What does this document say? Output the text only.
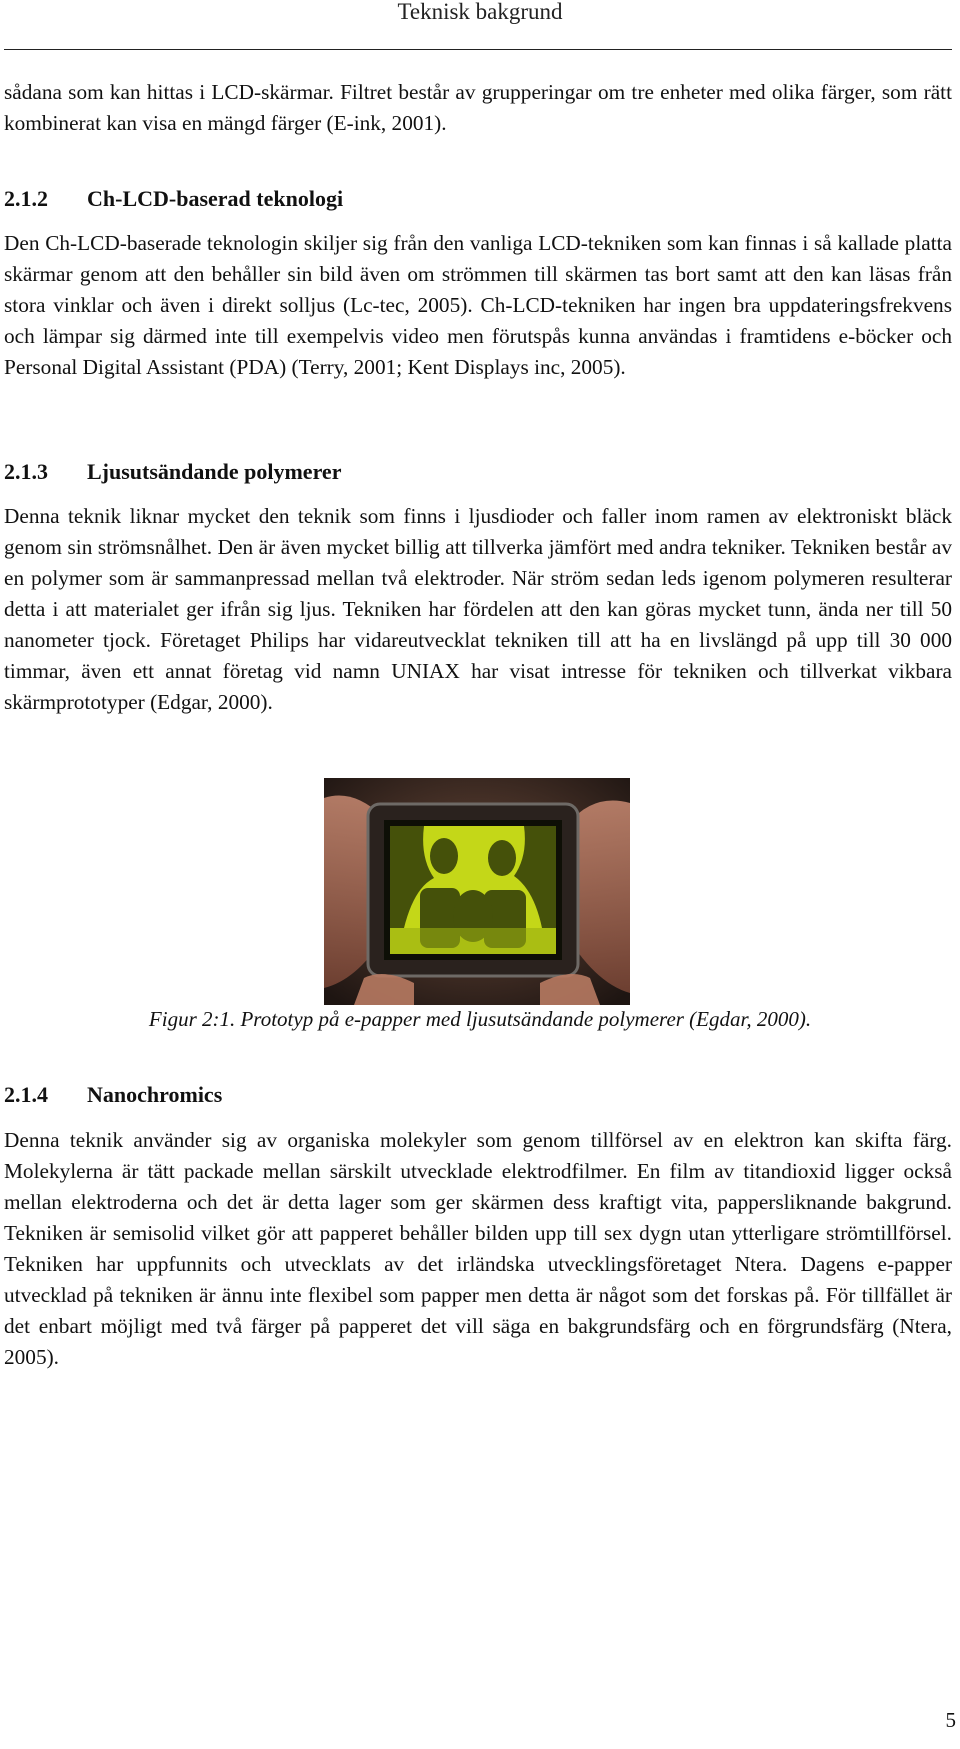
Teknisk bakgrund

sådana som kan hittas i LCD-skärmar. Filtret består av grupperingar om tre enheter med olika färger, som rätt kombinerat kan visa en mängd färger (E-ink, 2001).

2.1.2 Ch-LCD-baserad teknologi

Den Ch-LCD-baserade teknologin skiljer sig från den vanliga LCD-tekniken som kan finnas i så kallade platta skärmar genom att den behåller sin bild även om strömmen till skärmen tas bort samt att den kan läsas från stora vinklar och även i direkt solljus (Lc-tec, 2005). Ch-LCD-tekniken har ingen bra uppdateringsfrekvens och lämpar sig därmed inte till exempelvis video men förutspås kunna användas i framtidens e-böcker och Personal Digital Assistant (PDA) (Terry, 2001; Kent Displays inc, 2005).

2.1.3 Ljusutsändande polymerer

Denna teknik liknar mycket den teknik som finns i ljusdioder och faller inom ramen av elektroniskt bläck genom sin strömsnålhet. Den är även mycket billig att tillverka jämfört med andra tekniker. Tekniken består av en polymer som är sammanpressad mellan två elektroder. När ström sedan leds igenom polymeren resulterar detta i att materialet ger ifrån sig ljus. Tekniken har fördelen att den kan göras mycket tunn, ända ner till 50 nanometer tjock. Företaget Philips har vidareutvecklat tekniken till att ha en livslängd på upp till 30 000 timmar, även ett annat företag vid namn UNIAX har visat intresse för tekniken och tillverkat vikbara skärmprototyper (Edgar, 2000).

Figur 2:1. Prototyp på e-papper med ljusutsändande polymerer (Egdar, 2000).
2.1.4 Nanochromics

Denna teknik använder sig av organiska molekyler som genom tillförsel av en elektron kan skifta färg. Molekylerna är tätt packade mellan särskilt utvecklade elektrodfilmer. En film av titandioxid ligger också mellan elektroderna och det är detta lager som ger skärmen dess kraftigt vita, pappersliknande bakgrund. Tekniken är semisolid vilket gör att papperet behåller bilden upp till sex dygn utan ytterligare strömtillförsel. Tekniken har uppfunnits och utvecklats av det irländska utvecklingsföretaget Ntera. Dagens e-papper utvecklad på tekniken är ännu inte flexibel som papper men detta är något som det forskas på. För tillfället är det enbart möjligt med två färger på papperet det vill säga en bakgrundsfärg och en förgrundsfärg (Ntera, 2005).

5
